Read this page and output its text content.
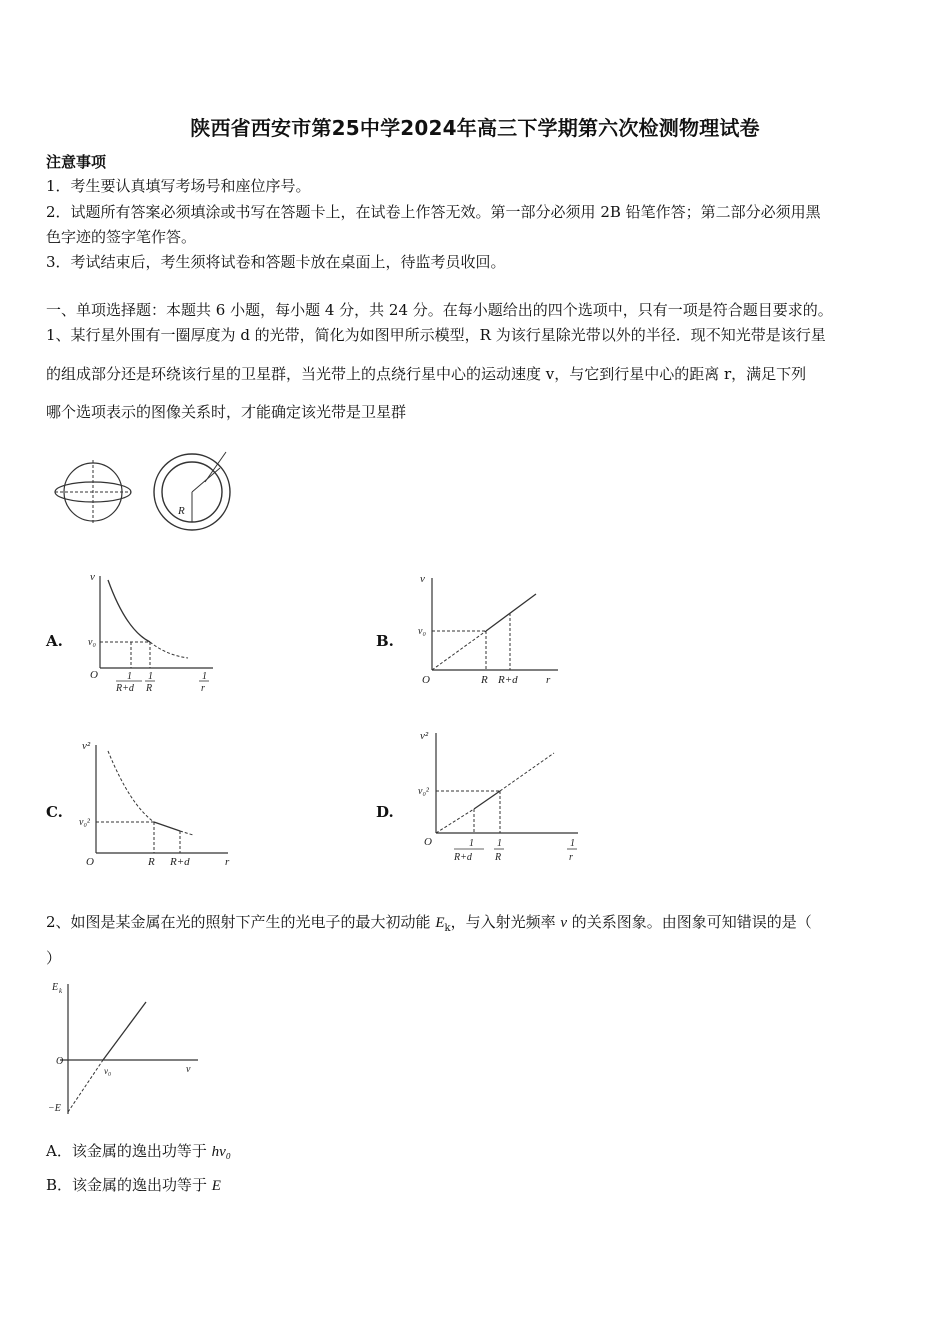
陕西省西安市第25中学2024年高三下学期第六次检测物理试卷
注意事项
1．考生要认真填写考场号和座位序号。
2．试题所有答案必须填涂或书写在答题卡上，在试卷上作答无效。第一部分必须用 2B 铅笔作答；第二部分必须用黑
色字迹的签字笔作答。
3．考试结束后，考生须将试卷和答题卡放在桌面上，待监考员收回。
一、单项选择题：本题共 6 小题，每小题 4 分，共 24 分。在每小题给出的四个选项中，只有一项是符合题目要求的。
1、某行星外围有一圈厚度为 d 的光带，简化为如图甲所示模型，R 为该行星除光带以外的半径．现不知光带是该行星
的组成部分还是环绕该行星的卫星群，当光带上的点绕行星中心的运动速度 v，与它到行星中心的距离 r，满足下列
哪个选项表示的图像关系时，才能确定该光带是卫星群
R
A.
v
v₀
O	1
R+d
1
R
1
r
B.
v
v₀
O	R R+d	r
C.
v²
v₀²
O	R R+d	r
D.
v²
v₀²
O	1
R+d
1
R
1
r
2、如图是某金属在光的照射下产生的光电子的最大初动能 $E_k$，与入射光频率 ν 的关系图象。由图象可知错误的是（
）
E k
O
ν
ν₀
−E
A．该金属的逸出功等于 hν₀
B．该金属的逸出功等于 E
